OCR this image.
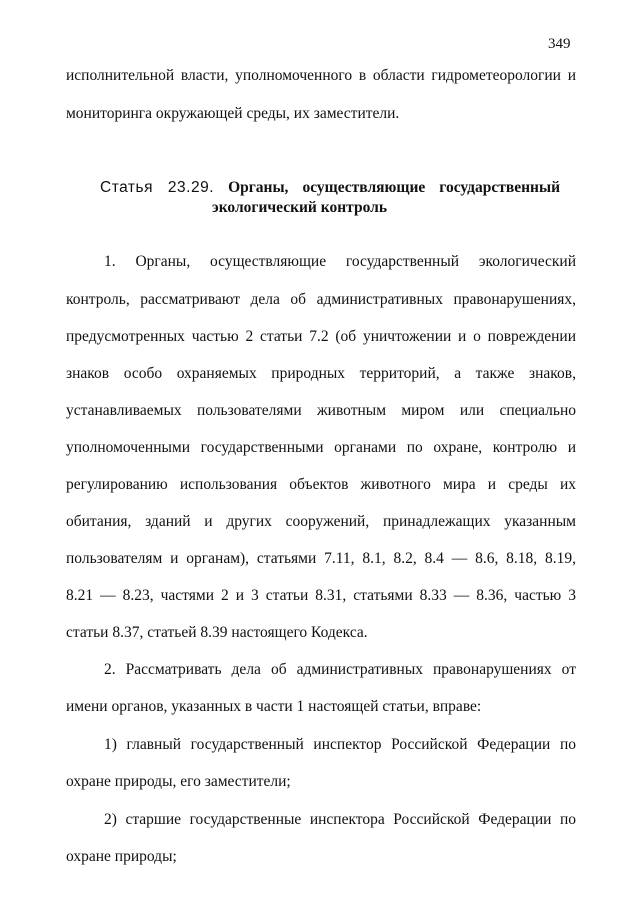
349
исполнительной власти, уполномоченного в области гидрометеорологии и
мониторинга окружающей среды, их заместители.
Статья 23.29. Органы, осуществляющие государственный
экологический контроль
1. Органы, осуществляющие государственный экологический
контроль, рассматривают дела об административных правонарушениях,
предусмотренных частью 2 статьи 7.2 (об уничтожении и о повреждении
знаков особо охраняемых природных территорий, а также знаков,
устанавливаемых пользователями животным миром или специально
уполномоченными государственными органами по охране, контролю и
регулированию использования объектов животного мира и среды их
обитания, зданий и других сооружений, принадлежащих указанным
пользователям и органам), статьями 7.11, 8.1, 8.2, 8.4 — 8.6, 8.18, 8.19,
8.21 — 8.23, частями 2 и 3 статьи 8.31, статьями 8.33 — 8.36, частью 3
статьи 8.37, статьей 8.39 настоящего Кодекса.
2. Рассматривать дела об административных правонарушениях от
имени органов, указанных в части 1 настоящей статьи, вправе:
1) главный государственный инспектор Российской Федерации по
охране природы, его заместители;
2) старшие государственные инспектора Российской Федерации по
охране природы;
